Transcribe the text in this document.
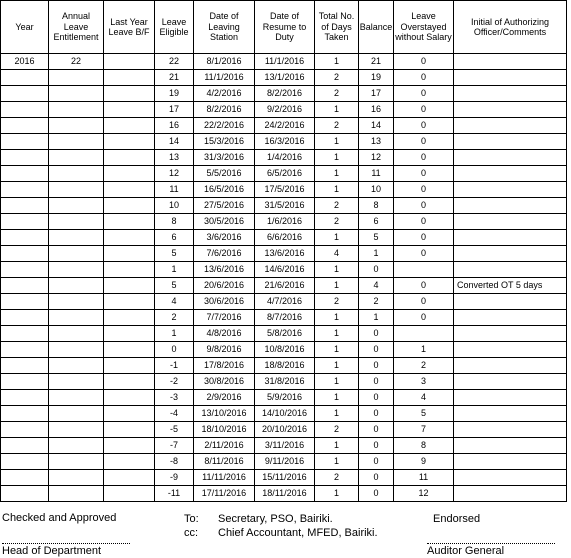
Year	Annual Leave Entitlement	Last Year Leave B/F	Leave Eligible	Date of Leaving Station	Date of Resume to Duty	Total No. of Days Taken	Balance	Leave Overstayed without Salary	Initial of Authorizing Officer/Comments
2016	22		22	8/1/2016	11/1/2016	1	21	0	
			21	11/1/2016	13/1/2016	2	19	0	
			19	4/2/2016	8/2/2016	2	17	0	
			17	8/2/2016	9/2/2016	1	16	0	
			16	22/2/2016	24/2/2016	2	14	0	
			14	15/3/2016	16/3/2016	1	13	0	
			13	31/3/2016	1/4/2016	1	12	0	
			12	5/5/2016	6/5/2016	1	11	0	
			11	16/5/2016	17/5/2016	1	10	0	
			10	27/5/2016	31/5/2016	2	8	0	
			8	30/5/2016	1/6/2016	2	6	0	
			6	3/6/2016	6/6/2016	1	5	0	
			5	7/6/2016	13/6/2016	4	1	0	
			1	13/6/2016	14/6/2016	1	0		
			5	20/6/2016	21/6/2016	1	4	0	Converted OT 5 days
			4	30/6/2016	4/7/2016	2	2	0	
			2	7/7/2016	8/7/2016	1	1	0	
			1	4/8/2016	5/8/2016	1	0		
			0	9/8/2016	10/8/2016	1	0	1	
			-1	17/8/2016	18/8/2016	1	0	2	
			-2	30/8/2016	31/8/2016	1	0	3	
			-3	2/9/2016	5/9/2016	1	0	4	
			-4	13/10/2016	14/10/2016	1	0	5	
			-5	18/10/2016	20/10/2016	2	0	7	
			-7	2/11/2016	3/11/2016	1	0	8	
			-8	8/11/2016	9/11/2016	1	0	9	
			-9	11/11/2016	15/11/2016	2	0	11	
			-11	17/11/2016	18/11/2016	1	0	12	
Checked and Approved	To: Secretary, PSO, Bairiki.
cc: Chief Accountant, MFED, Bairiki.
Endorsed
Head of Department	Auditor General
